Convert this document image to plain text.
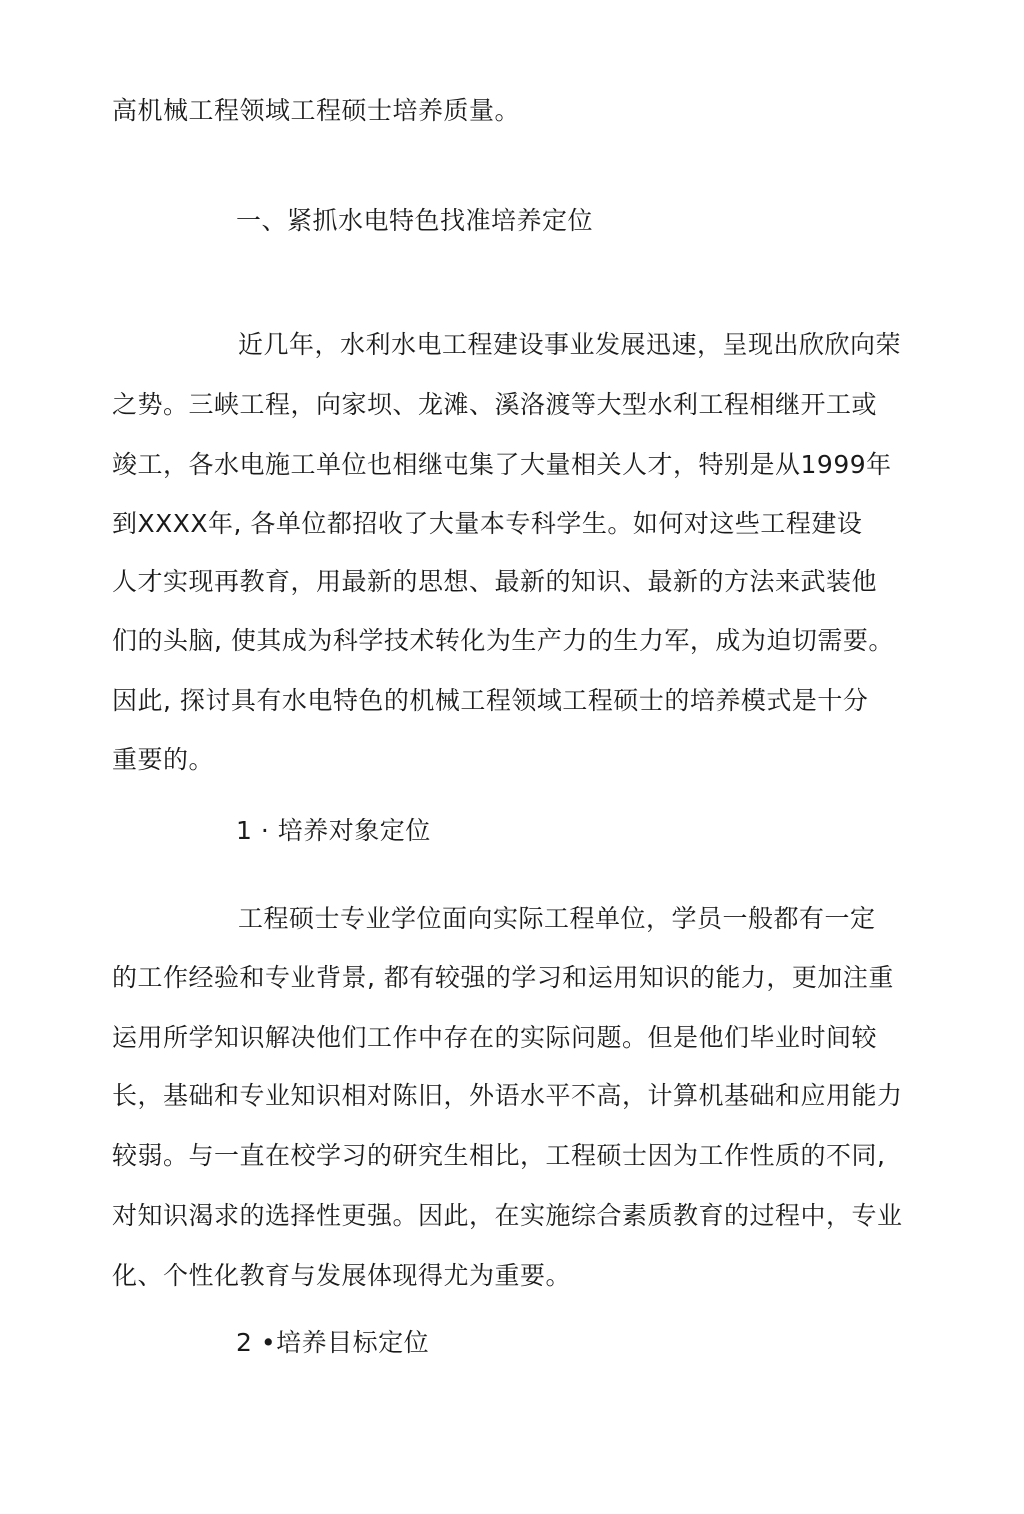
高机械工程领域工程硕士培养质量。
一、紧抓水电特色找准培养定位
近几年，水利水电工程建设事业发展迅速，呈现出欣欣向荣
之势。三峡工程，向家坝、龙滩、溪洛渡等大型水利工程相继开工或
竣工，各水电施工单位也相继屯集了大量相关人才，特别是从1999年
到XXXX年, 各单位都招收了大量本专科学生。如何对这些工程建设
人才实现再教育，用最新的思想、最新的知识、最新的方法来武装他
们的头脑, 使其成为科学技术转化为生产力的生力军，成为迫切需要。
因此, 探讨具有水电特色的机械工程领域工程硕士的培养模式是十分
重要的。
1 · 培养对象定位
工程硕士专业学位面向实际工程单位，学员一般都有一定
的工作经验和专业背景, 都有较强的学习和运用知识的能力，更加注重
运用所学知识解决他们工作中存在的实际问题。但是他们毕业时间较
长，基础和专业知识相对陈旧，外语水平不高，计算机基础和应用能力
较弱。与一直在校学习的研究生相比，工程硕士因为工作性质的不同,
对知识渴求的选择性更强。因此，在实施综合素质教育的过程中，专业
化、个性化教育与发展体现得尤为重要。
2 •培养目标定位
